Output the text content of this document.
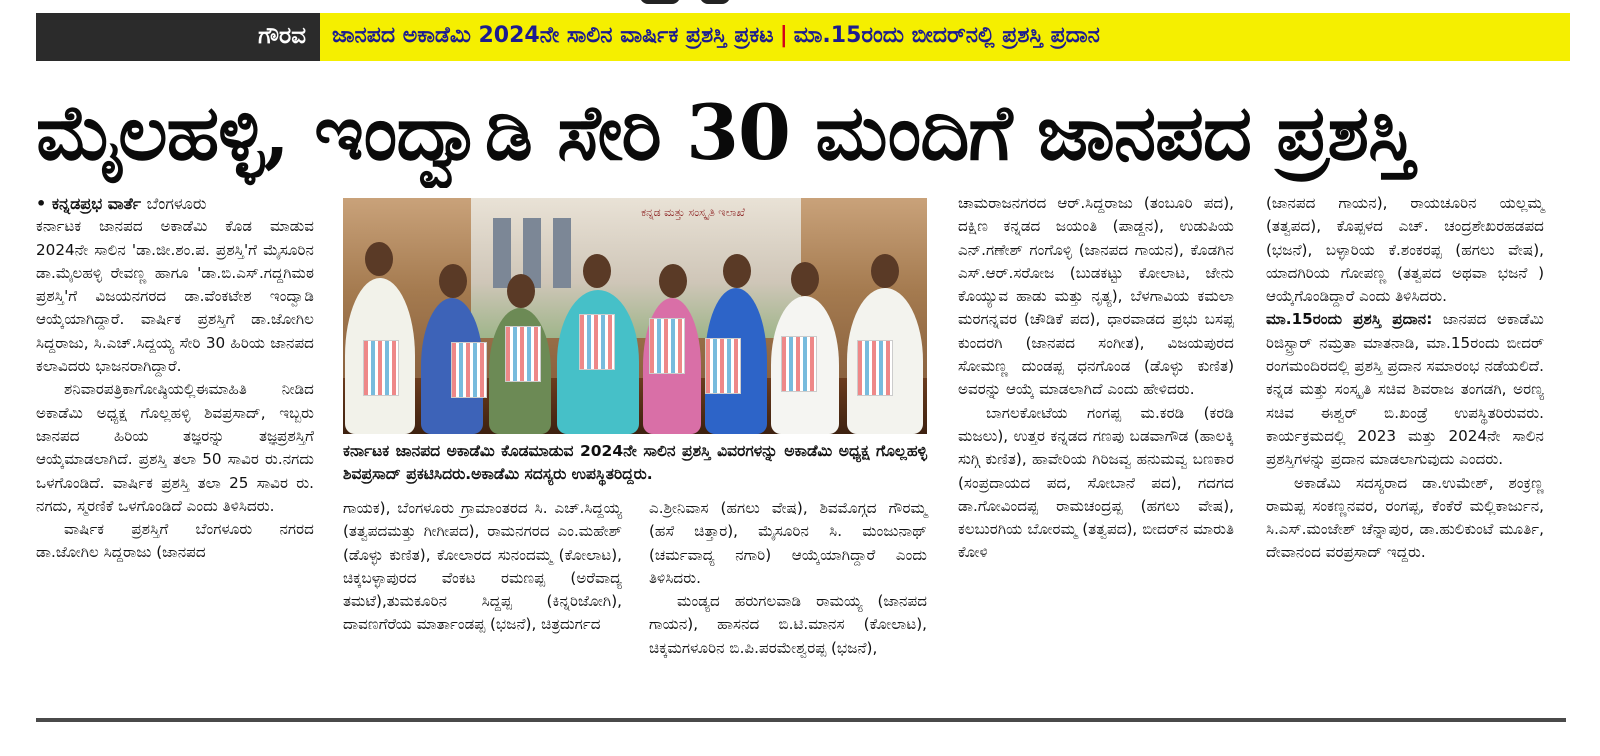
ಗೌರವ	ಜಾನಪದ ಅಕಾಡೆಮಿ 2024ನೇ ಸಾಲಿನ ವಾರ್ಷಿಕ ಪ್ರಶಸ್ತಿ ಪ್ರಕಟ | ಮಾ.15ರಂದು ಬೀದರ್‌ನಲ್ಲಿ ಪ್ರಶಸ್ತಿ ಪ್ರದಾನ
ಮೈಲಹಳ್ಳಿ, ಇಂದ್ವಾಡಿ ಸೇರಿ 30 ಮಂದಿಗೆ ಜಾನಪದ ಪ್ರಶಸ್ತಿ

• ಕನ್ನಡಪ್ರಭ ವಾರ್ತೆ ಬೆಂಗಳೂರು

ಕರ್ನಾಟಕ ಜಾನಪದ ಅಕಾಡೆಮಿ ಕೊಡ ಮಾಡುವ 2024ನೇ ಸಾಲಿನ 'ಡಾ.ಜೀ.ಶಂ.ಪ. ಪ್ರಶಸ್ತಿ'ಗೆ ಮೈಸೂರಿನ ಡಾ.ಮೈಲಹಳ್ಳಿ ರೇವಣ್ಣ ಹಾಗೂ 'ಡಾ.ಬಿ.ಎಸ್.ಗದ್ದಗಿಮಠ ಪ್ರಶಸ್ತಿ'ಗೆ ವಿಜಯನಗರದ ಡಾ.ವೆಂಕಟೇಶ ಇಂದ್ವಾಡಿ ಆಯ್ಕೆಯಾಗಿದ್ದಾರೆ. ವಾರ್ಷಿಕ ಪ್ರಶಸ್ತಿಗೆ ಡಾ.ಜೋಗಿಲ ಸಿದ್ದರಾಜು, ಸಿ.ಎಚ್.ಸಿದ್ದಯ್ಯ ಸೇರಿ 30 ಹಿರಿಯ ಜಾನಪದ ಕಲಾವಿದರು ಭಾಜನರಾಗಿದ್ದಾರೆ.

ಶನಿವಾರಪತ್ರಿಕಾಗೋಷ್ಠಿಯಲ್ಲಿಈಮಾಹಿತಿ ನೀಡಿದ ಅಕಾಡೆಮಿ ಅಧ್ಯಕ್ಷ ಗೊಲ್ಲಹಳ್ಳಿ ಶಿವಪ್ರಸಾದ್, ಇಬ್ಬರು ಜಾನಪದ ಹಿರಿಯ ತಜ್ಞರನ್ನು ತಜ್ಞಪ್ರಶಸ್ತಿಗೆ ಆಯ್ಕೆಮಾಡಲಾಗಿದೆ. ಪ್ರಶಸ್ತಿ ತಲಾ 50 ಸಾವಿರ ರು.ನಗದು ಒಳಗೊಂಡಿದೆ. ವಾರ್ಷಿಕ ಪ್ರಶಸ್ತಿ ತಲಾ 25 ಸಾವಿರ ರು. ನಗದು, ಸ್ಮರಣಿಕೆ ಒಳಗೊಂಡಿದೆ ಎಂದು ತಿಳಿಸಿದರು.

ವಾರ್ಷಿಕ ಪ್ರಶಸ್ತಿಗೆ ಬೆಂಗಳೂರು ನಗರದ ಡಾ.ಜೋಗಿಲ ಸಿದ್ದರಾಜು (ಜಾನಪದ

ಕನ್ನಡ ಮತ್ತು ಸಂಸ್ಕೃತಿ ಇಲಾಖೆ
ಕರ್ನಾಟಕ ಜಾನಪದ ಅಕಾಡೆಮಿ ಕೊಡಮಾಡುವ 2024ನೇ ಸಾಲಿನ ಪ್ರಶಸ್ತಿ ವಿವರಗಳನ್ನು ಅಕಾಡೆಮಿ ಅಧ್ಯಕ್ಷ ಗೊಲ್ಲಹಳ್ಳಿ ಶಿವಪ್ರಸಾದ್ ಪ್ರಕಟಿಸಿದರು.ಅಕಾಡೆಮಿ ಸದಸ್ಯರು ಉಪಸ್ಥಿತರಿದ್ದರು.

ಗಾಯಕ), ಬೆಂಗಳೂರು ಗ್ರಾಮಾಂತರದ ಸಿ. ಎಚ್.ಸಿದ್ದಯ್ಯ (ತತ್ವಪದಮತ್ತು ಗೀಗೀಪದ), ರಾಮನಗರದ ಎಂ.ಮಹೇಶ್ (ಡೊಳ್ಳು ಕುಣಿತ), ಕೋಲಾರದ ಸುನಂದಮ್ಮ (ಕೋಲಾಟ), ಚಿಕ್ಕಬಳ್ಳಾಪುರದ ವೆಂಕಟ ರಮಣಪ್ಪ (ಅರೆವಾದ್ಯ ತಮಟೆ),ತುಮಕೂರಿನ ಸಿದ್ದಪ್ಪ (ಕಿನ್ನರಿಜೋಗಿ), ದಾವಣಗೆರೆಯ ಮಾರ್ತಾಂಡಪ್ಪ (ಭಜನೆ), ಚಿತ್ರದುರ್ಗದ

ಎ.ಶ್ರೀನಿವಾಸ (ಹಗಲು ವೇಷ), ಶಿವಮೊಗ್ಗದ ಗೌರಮ್ಮ (ಹಸೆ ಚಿತ್ತಾರ), ಮೈಸೂರಿನ ಸಿ. ಮಂಜುನಾಥ್ (ಚರ್ಮವಾದ್ಯ ನಗಾರಿ) ಆಯ್ಕೆಯಾಗಿದ್ದಾರೆ ಎಂದು ತಿಳಿಸಿದರು.

ಮಂಡ್ಯದ ಹರುಗಲವಾಡಿ ರಾಮಯ್ಯ (ಜಾನಪದ ಗಾಯನ), ಹಾಸನದ ಬಿ.ಟಿ.ಮಾನಸ (ಕೋಲಾಟ), ಚಿಕ್ಕಮಗಳೂರಿನ ಬಿ.ಪಿ.ಪರಮೇಶ್ವರಪ್ಪ (ಭಜನೆ),

ಚಾಮರಾಜನಗರದ ಆರ್.ಸಿದ್ದರಾಜು (ತಂಬೂರಿ ಪದ), ದಕ್ಷಿಣ ಕನ್ನಡದ ಜಯಂತಿ (ಪಾಡ್ದನ), ಉಡುಪಿಯ ಎನ್.ಗಣೇಶ್ ಗಂಗೊಳ್ಳಿ (ಜಾನಪದ ಗಾಯನ), ಕೊಡಗಿನ ಎಸ್.ಆರ್.ಸರೋಜ (ಬುಡಕಟ್ಟು ಕೋಲಾಟ, ಜೇನು ಕೊಯ್ಯುವ ಹಾಡು ಮತ್ತು ನೃತ್ಯ), ಬೆಳಗಾವಿಯ ಕಮಲಾ ಮರಗನ್ನವರ (ಚೌಡಿಕೆ ಪದ), ಧಾರವಾಡದ ಪ್ರಭು ಬಸಪ್ಪ ಕುಂದರಗಿ (ಜಾನಪದ ಸಂಗೀತ), ವಿಜಯಪುರದ ಸೋಮಣ್ಣ ದುಂಡಪ್ಪ ಧನಗೊಂಡ (ಡೊಳ್ಳು ಕುಣಿತ) ಅವರನ್ನು ಆಯ್ಕೆ ಮಾಡಲಾಗಿದೆ ಎಂದು ಹೇಳಿದರು.

ಬಾಗಲಕೋಟೆಯ ಗಂಗಪ್ಪ ಮ.ಕರಡಿ (ಕರಡಿ ಮಜಲು), ಉತ್ತರ ಕನ್ನಡದ ಗಣಪು ಬಡವಾಗೌಡ (ಹಾಲಕ್ಕಿ ಸುಗ್ಗಿ ಕುಣಿತ), ಹಾವೇರಿಯ ಗಿರಿಜವ್ವ ಹನುಮವ್ವ ಬಣಕಾರ (ಸಂಪ್ರದಾಯದ ಪದ, ಸೋಬಾನೆ ಪದ), ಗದಗದ ಡಾ.ಗೋವಿಂದಪ್ಪ ರಾಮಚಂದ್ರಪ್ಪ (ಹಗಲು ವೇಷ), ಕಲಬುರಗಿಯ ಬೋರಮ್ಮ (ತತ್ವಪದ), ಬೀದರ್‌ನ ಮಾರುತಿ ಕೋಳಿ

(ಜಾನಪದ ಗಾಯನ), ರಾಯಚೂರಿನ ಯಲ್ಲಮ್ಮ (ತತ್ವಪದ), ಕೊಪ್ಪಳದ ಎಚ್. ಚಂದ್ರಶೇಖರಹಡಪದ (ಭಜನೆ), ಬಳ್ಳಾರಿಯ ಕೆ.ಶಂಕರಪ್ಪ (ಹಗಲು ವೇಷ), ಯಾದಗಿರಿಯ ಗೋಪಣ್ಣ (ತತ್ವಪದ ಅಥವಾ ಭಜನೆ ) ಆಯ್ಕೆಗೊಂಡಿದ್ದಾರೆ ಎಂದು ತಿಳಿಸಿದರು.

ಮಾ.15ರಂದು ಪ್ರಶಸ್ತಿ ಪ್ರದಾನ: ಜಾನಪದ ಅಕಾಡೆಮಿ ರಿಜಿಸ್ಟ್ರಾರ್ ನಮ್ರತಾ ಮಾತನಾಡಿ, ಮಾ.15ರಂದು ಬೀದರ್ ರಂಗಮಂದಿರದಲ್ಲಿ ಪ್ರಶಸ್ತಿ ಪ್ರದಾನ ಸಮಾರಂಭ ನಡೆಯಲಿದೆ. ಕನ್ನಡ ಮತ್ತು ಸಂಸ್ಕೃತಿ ಸಚಿವ ಶಿವರಾಜ ತಂಗಡಗಿ, ಅರಣ್ಯ ಸಚಿವ ಈಶ್ವರ್ ಬಿ.ಖಂಡ್ರೆ ಉಪಸ್ಥಿತರಿರುವರು. ಕಾರ್ಯಕ್ರಮದಲ್ಲಿ 2023 ಮತ್ತು 2024ನೇ ಸಾಲಿನ ಪ್ರಶಸ್ತಿಗಳನ್ನು ಪ್ರದಾನ ಮಾಡಲಾಗುವುದು ಎಂದರು.

ಅಕಾಡೆಮಿ ಸದಸ್ಯರಾದ ಡಾ.ಉಮೇಶ್, ಶಂಕ್ರಣ್ಣ ರಾಮಪ್ಪ ಸಂಕಣ್ಣನವರ, ರಂಗಪ್ಪ, ಕೆಂಕೆರೆ ಮಲ್ಲಿಕಾರ್ಜುನ, ಸಿ.ಎಸ್.ಮಂಜೇಶ್ ಚೆನ್ನಾಪುರ, ಡಾ.ಹುಲಿಕುಂಟೆ ಮೂರ್ತಿ, ದೇವಾನಂದ ವರಪ್ರಸಾದ್ ಇದ್ದರು.
